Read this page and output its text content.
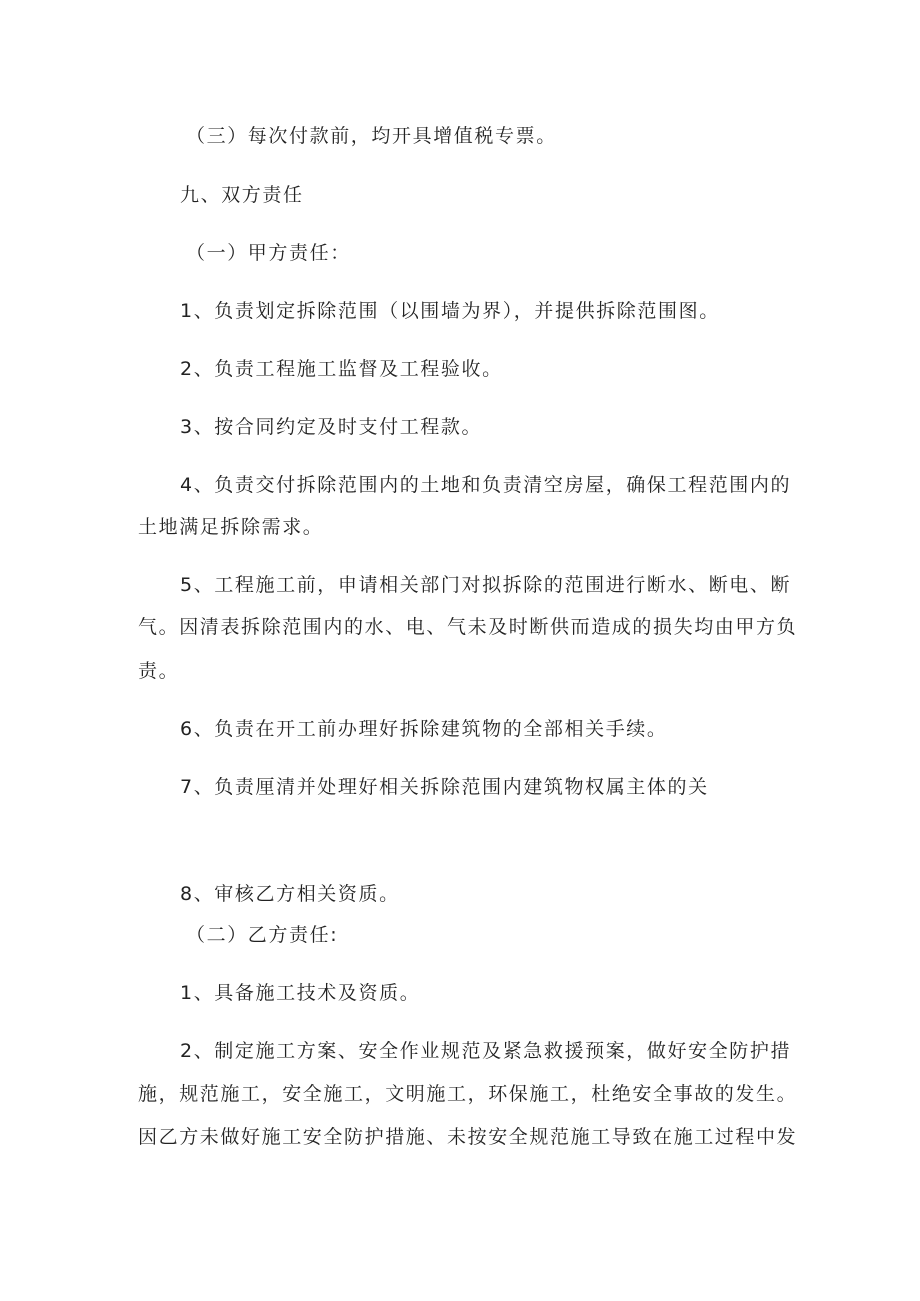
（三）每次付款前，均开具增值税专票。
九、双方责任
（一）甲方责任：
1、负责划定拆除范围（以围墙为界），并提供拆除范围图。
2、负责工程施工监督及工程验收。
3、按合同约定及时支付工程款。
4、负责交付拆除范围内的土地和负责清空房屋，确保工程范围内的
土地满足拆除需求。
5、工程施工前，申请相关部门对拟拆除的范围进行断水、断电、断
气。因清表拆除范围内的水、电、气未及时断供而造成的损失均由甲方负
责。
6、负责在开工前办理好拆除建筑物的全部相关手续。
7、负责厘清并处理好相关拆除范围内建筑物权属主体的关
8、审核乙方相关资质。
（二）乙方责任:
1、具备施工技术及资质。
2、制定施工方案、安全作业规范及紧急救援预案，做好安全防护措
施，规范施工，安全施工，文明施工，环保施工，杜绝安全事故的发生。
因乙方未做好施工安全防护措施、未按安全规范施工导致在施工过程中发
